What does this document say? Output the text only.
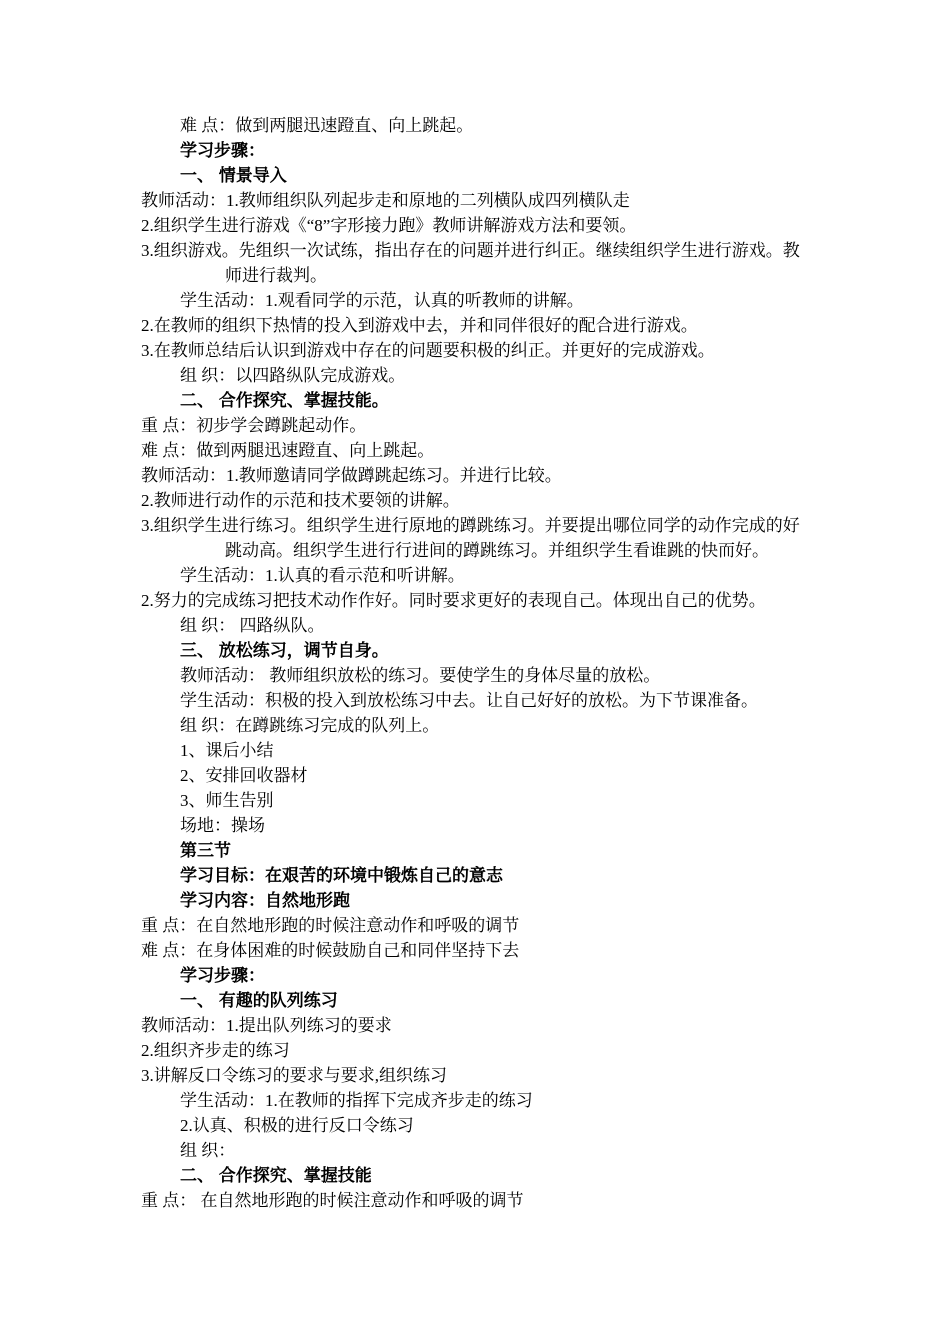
难 点：做到两腿迅速蹬直、向上跳起。
学习步骤：
一、 情景导入
教师活动：1.教师组织队列起步走和原地的二列横队成四列横队走
2.组织学生进行游戏《“8”字形接力跑》教师讲解游戏方法和要领。
3.组织游戏。先组织一次试练，指出存在的问题并进行纠正。继续组织学生进行游戏。教
师进行裁判。
学生活动：1.观看同学的示范，认真的听教师的讲解。
2.在教师的组织下热情的投入到游戏中去，并和同伴很好的配合进行游戏。
3.在教师总结后认识到游戏中存在的问题要积极的纠正。并更好的完成游戏。
组 织：以四路纵队完成游戏。
二、 合作探究、掌握技能。
重 点：初步学会蹲跳起动作。
难 点：做到两腿迅速蹬直、向上跳起。
教师活动：1.教师邀请同学做蹲跳起练习。并进行比较。
2.教师进行动作的示范和技术要领的讲解。
3.组织学生进行练习。组织学生进行原地的蹲跳练习。并要提出哪位同学的动作完成的好
跳动高。组织学生进行行进间的蹲跳练习。并组织学生看谁跳的快而好。
学生活动：1.认真的看示范和听讲解。
2.努力的完成练习把技术动作作好。同时要求更好的表现自己。体现出自己的优势。
组 织： 四路纵队。
三、 放松练习，调节自身。
教师活动： 教师组织放松的练习。要使学生的身体尽量的放松。
学生活动：积极的投入到放松练习中去。让自己好好的放松。为下节课准备。
组 织：在蹲跳练习完成的队列上。
1、课后小结
2、安排回收器材
3、师生告别
场地：操场
第三节
学习目标：在艰苦的环境中锻炼自己的意志
学习内容：自然地形跑
重 点：在自然地形跑的时候注意动作和呼吸的调节
难 点：在身体困难的时候鼓励自己和同伴坚持下去
学习步骤：
一、 有趣的队列练习
教师活动：1.提出队列练习的要求
2.组织齐步走的练习
3.讲解反口令练习的要求与要求,组织练习
学生活动：1.在教师的指挥下完成齐步走的练习
2.认真、积极的进行反口令练习
组 织：
二、 合作探究、掌握技能
重 点： 在自然地形跑的时候注意动作和呼吸的调节
